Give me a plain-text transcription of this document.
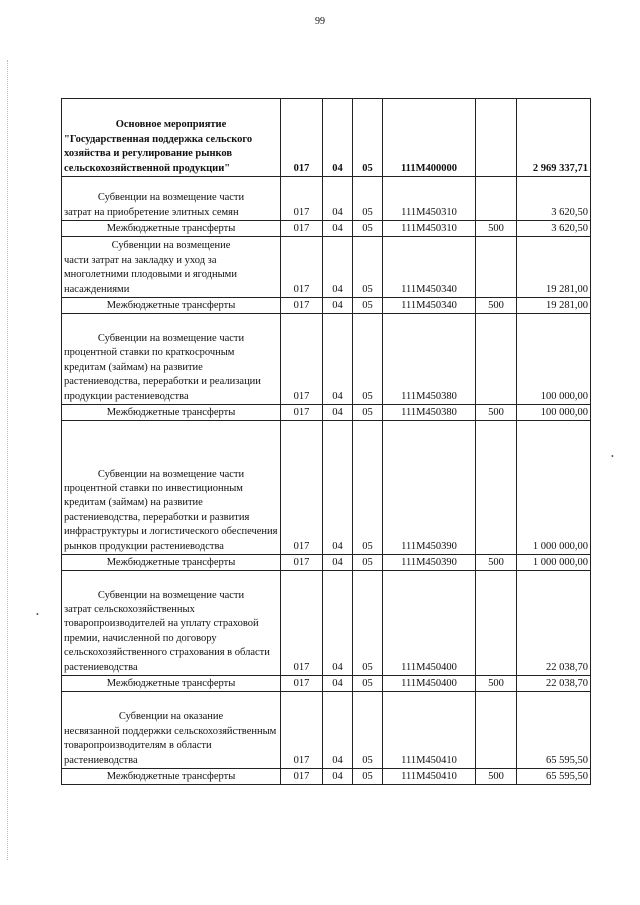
99
•
•
Основное мероприятие
"Государственная поддержка сельского хозяйства и регулирование рынков сельскохозяйственной продукции"	017	04	05	111M400000		2 969 337,71

Субвенции на возмещение части
затрат на приобретение элитных семян	017	04	05	111M450310		3 620,50

Межбюджетные трансферты	017	04	05	111M450310	500	3 620,50

Субвенции на возмещение
части затрат на закладку и уход за многолетними плодовыми и ягодными насаждениями	017	04	05	111M450340		19 281,00

Межбюджетные трансферты	017	04	05	111M450340	500	19 281,00

Субвенции на возмещение части
процентной ставки по краткосрочным кредитам (займам) на развитие растениеводства, переработки и реализации продукции растениеводства	017	04	05	111M450380		100 000,00

Межбюджетные трансферты	017	04	05	111M450380	500	100 000,00

Субвенции на возмещение части
процентной ставки по инвестиционным кредитам (займам) на развитие растениеводства, переработки и развития инфраструктуры и логистического обеспечения рынков продукции растениеводства	017	04	05	111M450390		1 000 000,00

Межбюджетные трансферты	017	04	05	111M450390	500	1 000 000,00

Субвенции на возмещение части
затрат сельскохозяйственных товаропроизводителей на уплату страховой премии, начисленной по договору сельскохозяйственного страхования в области растениеводства	017	04	05	111M450400		22 038,70

Межбюджетные трансферты	017	04	05	111M450400	500	22 038,70

Субвенции на оказание
несвязанной поддержки сельскохозяйственным товаропроизводителям в области растениеводства	017	04	05	111M450410		65 595,50

Межбюджетные трансферты	017	04	05	111M450410	500	65 595,50
